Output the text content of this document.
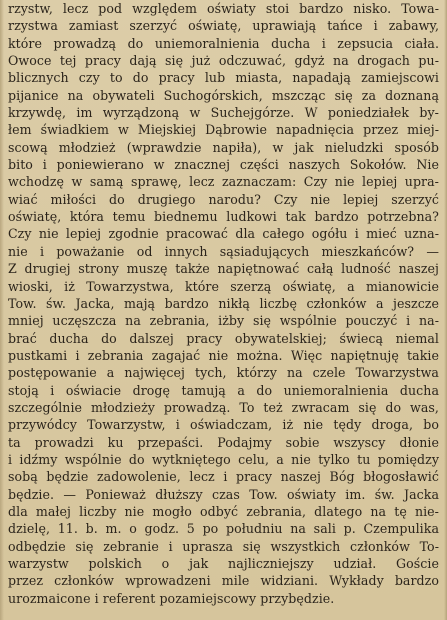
rzystw, lecz pod względem oświaty stoi bardzo nisko. Towa-
rzystwa zamiast szerzyć oświatę, uprawiają tańce i zabawy,
które prowadzą do uniemoralnienia ducha i zepsucia ciała.
Owoce tej pracy dają się już odczuwać, gdyż na drogach pu-
blicznych czy to do pracy lub miasta, napadają zamiejscowi
pijanice na obywateli Suchogórskich, mszcząc się za doznaną
krzywdę, im wyrządzoną w Suchejgórze. W poniedziałek by-
łem świadkiem w Miejskiej Dąbrowie napadnięcia przez miej-
scową młodzież (wprawdzie napiła), w jak nieludzki sposób
bito i poniewierano w znacznej części naszych Sokołów. Nie
wchodzę w samą sprawę, lecz zaznaczam: Czy nie lepiej upra-
wiać miłości do drugiego narodu? Czy nie lepiej szerzyć
oświatę, która temu biednemu ludkowi tak bardzo potrzebna?
Czy nie lepiej zgodnie pracować dla całego ogółu i mieć uzna-
nie i poważanie od innych sąsiadujących mieszkańców? —
Z drugiej strony muszę także napiętnować całą ludność naszej
wioski, iż Towarzystwa, które szerzą oświatę, a mianowicie
Tow. św. Jacka, mają bardzo nikłą liczbę członków a jeszcze
mniej uczęszcza na zebrania, iżby się wspólnie pouczyć i na-
brać ducha do dalszej pracy obywatelskiej; świecą niemal
pustkami i zebrania zagajać nie można. Więc napiętnuję takie
postępowanie a najwięcej tych, którzy na czele Towarzystwa
stoją i oświacie drogę tamują a do uniemoralnienia ducha
szczególnie młodzieży prowadzą. To też zwracam się do was,
przywódcy Towarzystw, i oświadczam, iż nie tędy droga, bo
ta prowadzi ku przepaści. Podajmy sobie wszyscy dłonie
i idźmy wspólnie do wytkniętego celu, a nie tylko tu pomiędzy
sobą będzie zadowolenie, lecz i pracy naszej Bóg błogosławić
będzie. — Ponieważ dłuższy czas Tow. oświaty im. św. Jacka
dla małej liczby nie mogło odbyć zebrania, dlatego na tę nie-
dzielę, 11. b. m. o godz. 5 po południu na sali p. Czempulika
odbędzie się zebranie i uprasza się wszystkich członków To-
warzystw polskich o jak najliczniejszy udział. Goście
przez członków wprowadzeni mile widziani. Wykłady bardzo
urozmaicone i referent pozamiejscowy przybędzie.
